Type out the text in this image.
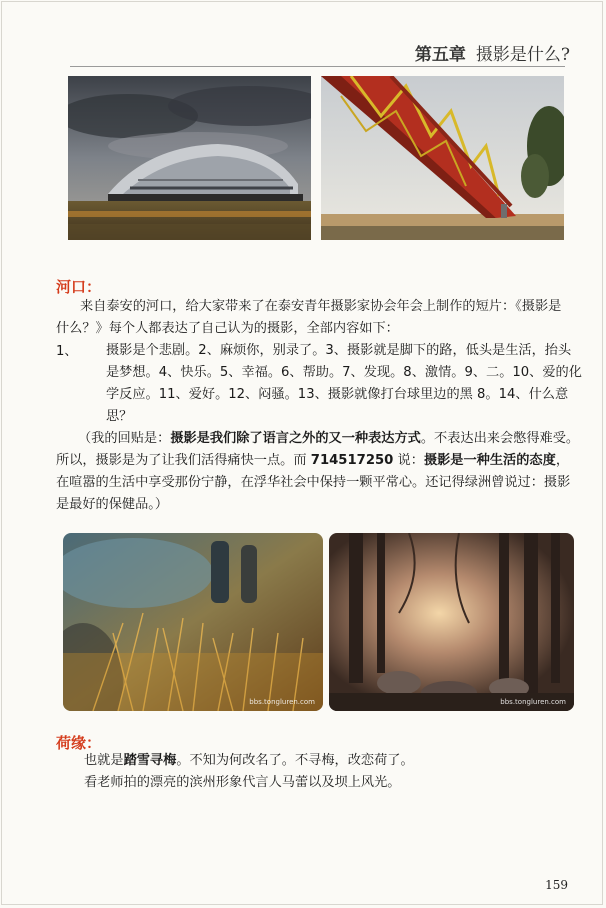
第五章 摄影是什么?
河口：
来自泰安的河口，给大家带来了在泰安青年摄影家协会年会上制作的短片：《摄影是
什么？》每个人都表达了自己认为的摄影，全部内容如下：
1、 摄影是个悲剧。2、麻烦你，别录了。3、摄影就是脚下的路，低头是生活，抬头
是梦想。4、快乐。5、幸福。6、帮助。7、发现。8、激情。9、二。10、爱的化
学反应。11、爱好。12、闷骚。13、摄影就像打台球里边的黑 8。14、什么意
思？
（我的回贴是：摄影是我们除了语言之外的又一种表达方式。不表达出来会憋得难受。
所以，摄影是为了让我们活得痛快一点。而 714517250 说：摄影是一种生活的态度，
在喧嚣的生活中享受那份宁静，在浮华社会中保持一颗平常心。还记得绿洲曾说过：摄影
是最好的保健品。）
bbs.tongluren.com	bbs.tongluren.com
荷缘：
也就是踏雪寻梅。不知为何改名了。不寻梅，改恋荷了。
看老师拍的漂亮的滨州形象代言人马蕾以及坝上风光。
159
